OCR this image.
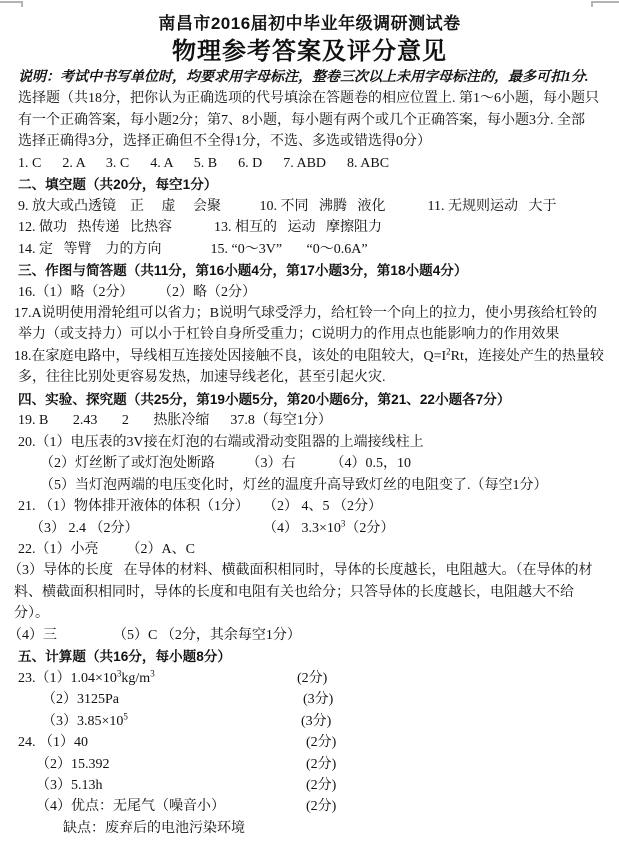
南昌市2016届初中毕业年级调研测试卷
物理参考答案及评分意见
说明：考试中书写单位时，均要求用字母标注，整卷三次以上未用字母标注的，最多可扣1分.
选择题（共18分，把你认为正确选项的代号填涂在答题卷的相应位置上. 第1～6小题，每小题只
有一个正确答案，每小题2分；第7、8小题，每小题有两个或几个正确答案，每小题3分. 全部
选择正确得3分，选择正确但不全得1分，不选、多选或错选得0分）
1. C      2. A      3. C      4. A      5. B      6. D      7. ABD      8. ABC
二、填空题（共20分，每空1分）
9. 放大或凸透镜    正     虚     会聚           10. 不同   沸腾   液化            11. 无规则运动   大于
12. 做功   热传递   比热容            13. 相互的   运动   摩擦阻力
14. 定   等臂    力的方向              15. “0～3V”       “0～0.6A”
三、作图与简答题（共11分，第16小题4分，第17小题3分，第18小题4分）
16.（1）略（2分）       （2）略（2分）
17.A说明使用滑轮组可以省力；B说明气球受浮力，给杠铃一个向上的拉力，使小男孩给杠铃的
举力（或支持力）可以小于杠铃自身所受重力；C说明力的作用点也能影响力的作用效果
18.在家庭电路中，导线相互连接处因接触不良，该处的电阻较大，$Q=I^2Rt$，连接处产生的热量较
多，往往比别处更容易发热，加速导线老化，甚至引起火灾.
四、实验、探究题（共25分，第19小题5分，第20小题6分，第21、22小题各7分）
19. B       2.43       2       热胀冷缩      37.8（每空1分）
20.（1）电压表的3V接在灯泡的右端或滑动变阻器的上端接线柱上
（2）灯丝断了或灯泡处断路         （3）右          （4）0.5，10
（5）当灯泡两端的电压变化时，灯丝的温度升高导致灯丝的电阻变了.（每空1分）
21. （1）物体排开液体的体积（1分） （2） 4、5 （2分）
（3） 2.4 （2分）	（4） $3.3\times 10^3(2$分）
22.（1）小亮        （2）A、C
（3）导体的长度   在导体的材料、横截面积相同时，导体的长度越长，电阻越大。（在导体的材
料、横截面积相同时，导体的长度和电阻有关也给分；只答导体的长度越长，电阻越大不给分）。
（4）三                （5）C （2分，其余每空1分）
五、计算题（共16分，每小题8分）
$23.(1)1.04\times 10^3kg/m^3$	(2分)
（2）3125Pa	(3分)
$(3)3.85\times 10^5$	(3分)
24. （1）40	(2分)
（2）15.392	(2分)
（3）5.13h	(2分)
（4）优点：无尾气（噪音小）	(2分)
缺点：废弃后的电池污染环境
